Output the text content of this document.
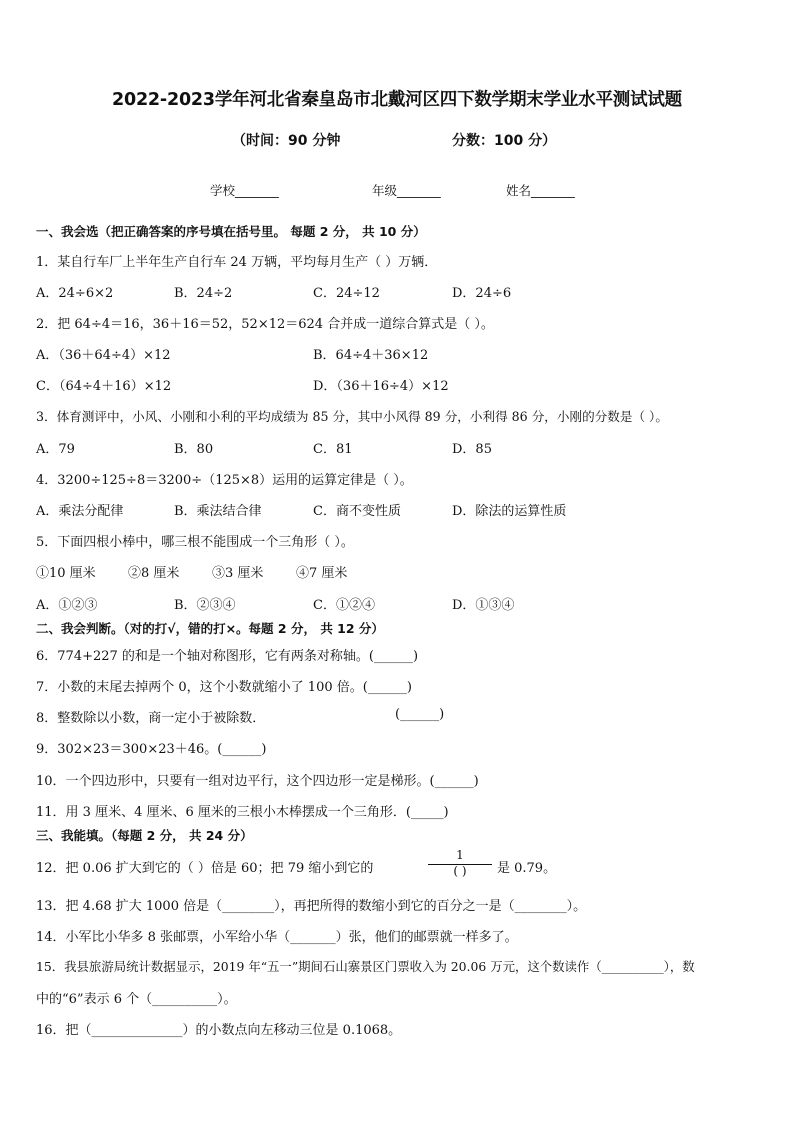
2022-2023学年河北省秦皇岛市北戴河区四下数学期末学业水平测试试题
（时间：90 分钟	分数：100 分）
学校_______	年级_______	姓名_______
一、我会选（把正确答案的序号填在括号里。 每题 2 分， 共 10 分）
1．某自行车厂上半年生产自行车 24 万辆，平均每月生产（ ）万辆．
A．24÷6×2	B．24÷2	C．24÷12	D．24÷6
2．把 64÷4＝16，36＋16＝52，52×12＝624 合并成一道综合算式是（ ）。
A．（36＋64÷4）×12	B．64÷4＋36×12
C．（64÷4＋16）×12	D．（36＋16÷4）×12
3．体育测评中，小风、小刚和小利的平均成绩为 85 分，其中小风得 89 分，小利得 86 分，小刚的分数是（ ）。
A．79	B．80	C．81	D．85
4．3200÷125÷8＝3200÷（125×8）运用的运算定律是（ ）。
A．乘法分配律	B．乘法结合律	C．商不变性质	D．除法的运算性质
5．下面四根小棒中，哪三根不能围成一个三角形（ ）。
①10 厘米 ②8 厘米	③3 厘米	④7 厘米
A．①②③	B．②③④	C．①②④	D．①③④
二、我会判断。（对的打√，错的打×。每题 2 分， 共 12 分）
6．774+227 的和是一个轴对称图形，它有两条对称轴。(______)
7．小数的末尾去掉两个 0，这个小数就缩小了 100 倍。(______)
8．整数除以小数，商一定小于被除数．	(______)
9．302×23＝300×23＋46。(______)
10．一个四边形中，只要有一组对边平行，这个四边形一定是梯形。(______)
11．用 3 厘米、4 厘米、6 厘米的三根小木棒摆成一个三角形．(_____)
三、我能填。（每题 2 分， 共 24 分）
12．把 0.06 扩大到它的（ ）倍是 60；把 79 缩小到它的
1
( )	是 0.79。
13．把 4.68 扩大 1000 倍是（________），再把所得的数缩小到它的百分之一是（________）。
14．小军比小华多 8 张邮票，小军给小华（_______）张，他们的邮票就一样多了。
15．我县旅游局统计数据显示，2019 年“五一”期间石山寨景区门票收入为 20.06 万元，这个数读作（__________），数
中的“6”表示 6 个（__________）。
16．把（______________）的小数点向左移动三位是 0.1068。
